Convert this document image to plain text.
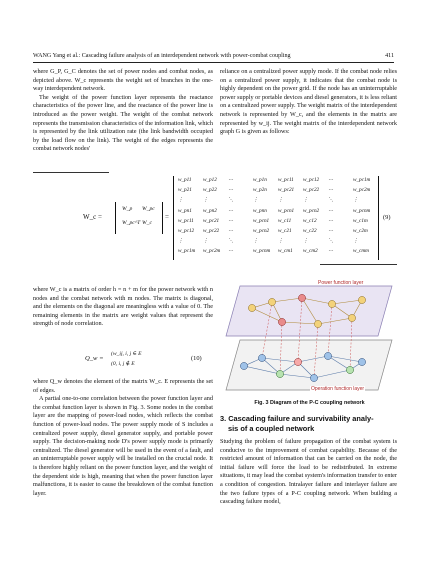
WANG Yang et al.: Cascading failure analysis of an interdependent network with power-combat coupling	411

where G_P, G_C denotes the set of power nodes and combat nodes, as depicted above. W_c represents the weight set of branches in the one-way interdependent network.

The weight of the power function layer represents the reactance characteristics of the power line, and the reactance of the power line is introduced as the power weight. The weight of the combat network represents the transmission characteristics of the information link, which is represented by the link utilization rate (the link bandwidth occupied by the load flow on the link). The weight of the edges represents the combat network nodes'

reliance on a centralized power supply mode. If the combat node relies on a centralized power supply, it indicates that the combat node is highly dependent on the power grid. If the node has an uninterruptable power supply or portable devices and diesel generators, it is less reliant on a centralized power supply. The weight matrix of the interdependent network is represented by W_c, and the elements in the matrix are represented by w_ij. The weight matrix of the interdependent network graph G is given as follows:

W_c =
W_p W_pc
W_pc^T W_c
=
w_p11 w_p12 ⋯	w_p1n w_pc11 w_pc12 ⋯	w_pc1m
w_p21 w_p22 ⋯	w_p2n w_pc21 w_pc22 ⋯	w_pc2m
⋮	⋮	⋱	⋮	⋮	⋮	⋱	⋮
w_pn1 w_pn2 ⋯	w_pnn w_pcn1 w_pcn2 ⋯	w_pcnm
w_pc11 w_pc21 ⋯	w_pcn1 w_c11 w_c12 ⋯	w_c1m
w_pc12 w_pc22 ⋯	w_pcn2 w_c21 w_c22 ⋯	w_c2m
⋮	⋮	⋱	⋮	⋮	⋮	⋱	⋮
w_pc1m w_pc2m ⋯	w_pcnm w_cm1 w_cm2 ⋯	w_cmm
(9)

where W_c is a matrix of order h = n + m for the power network with n nodes and the combat network with m nodes. The matrix is diagonal, and the elements on the diagonal are meaningless with a value of 0. The remaining elements in the matrix are weight values that represent the strength of node correlation.

Q_w =
(w_ij, i, j ∈ E
(0, i, j ∉ E
(10)

where Q_w denotes the element of the matrix W_c. E represents the set of edges.

A partial one-to-one correlation between the power function layer and the combat function layer is shown in Fig. 3. Some nodes in the combat layer are the mapping of power-load nodes, which reflects the combat function of power-load nodes. The power supply mode of S includes a centralized power supply, diesel generator supply, and portable power supply. The decision-making node D's power supply mode is primarily centralized. The diesel generator will be used in the event of a fault, and an uninterruptable power supply will be installed on the crucial node. It is therefore highly reliant on the power function layer, and the weight of the dependent side is high, meaning that when the power function layer malfunctions, it is easier to cause the breakdown of the combat function layer.

Power function layer
Operation function layer
Fig. 3 Diagram of the P-C coupling network

3. Cascading failure and survivability analy-

sis of a coupled network

Studying the problem of failure propagation of the combat system is conducive to the improvement of combat capability. Because of the restricted amount of information that can be carried on the node, the initial failure will force the load to be redistributed. In extreme situations, it may lead the combat system's information transfer to enter a condition of congestion. Intralayer failure and interlayer failure are the two failure types of a P-C coupling network. When building a cascading failure model,
